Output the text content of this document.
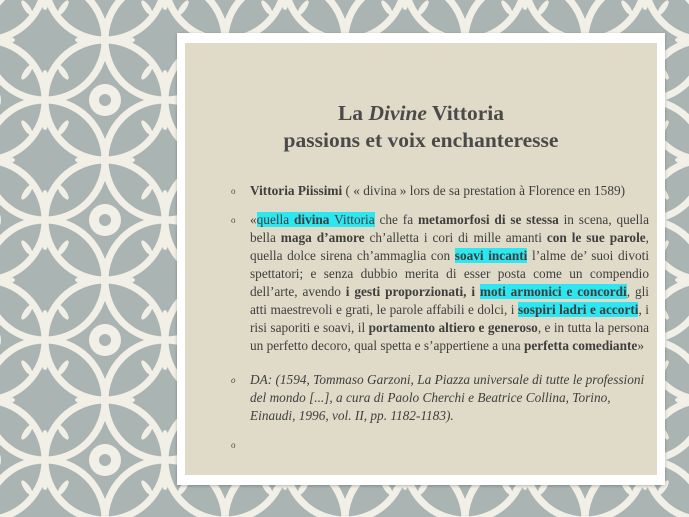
La Divine Vittoria
passions et voix enchanteresse
o Vittoria Piissimi ( « divina » lors de sa prestation à Florence en 1589)
o «quella divina Vittoria che fa metamorfosi di se stessa in scena, quella bella maga d’amore ch’alletta i cori di mille amanti con le sue parole, quella dolce sirena ch’ammaglia con soavi incanti l’alme de’ suoi divoti spettatori; e senza dubbio merita di esser posta come un compendio dell’arte, avendo i gesti proporzionati, i moti armonici e concordi, gli atti maestrevoli e grati, le parole affabili e dolci, i sospiri ladri e accorti, i risi saporiti e soavi, il portamento altiero e generoso, e in tutta la persona un perfetto decoro, qual spetta e s’appertiene a una perfetta comediante»
o DA: (1594, Tommaso Garzoni, La Piazza universale di tutte le professioni del mondo [...], a cura di Paolo Cherchi e Beatrice Collina, Torino, Einaudi, 1996, vol. II, pp. 1182-1183).
o
